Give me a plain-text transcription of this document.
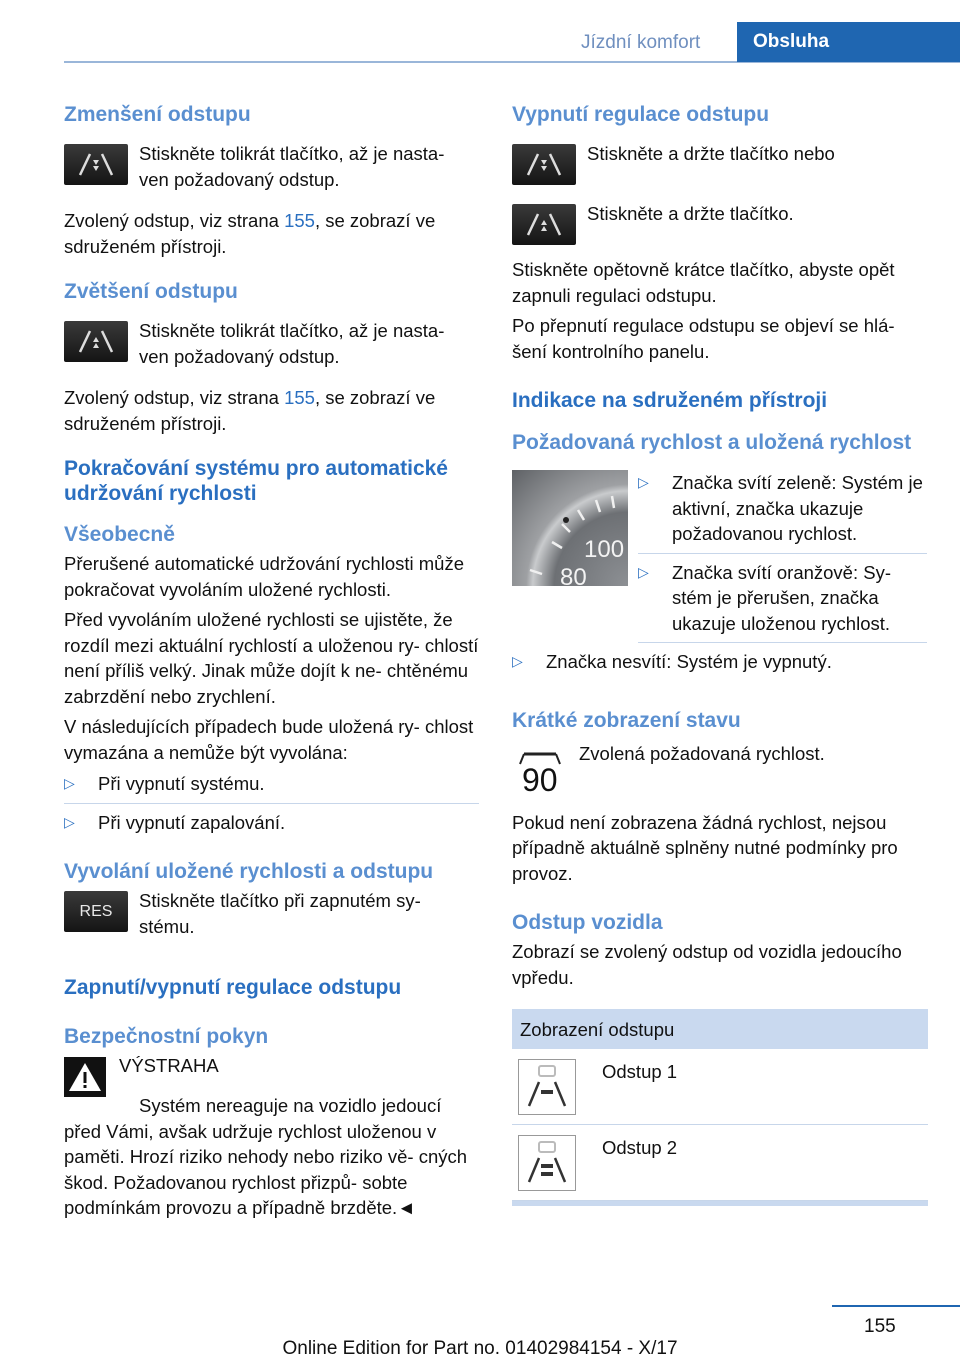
Jízdní komfort	Obsluha
Zmenšení odstupu
Stiskněte tolikrát tlačítko, až je nasta- ven požadovaný odstup.

Zvolený odstup, viz strana 155, se zobrazí ve sdruženém přístroji.

Zvětšení odstupu
Stiskněte tolikrát tlačítko, až je nasta- ven požadovaný odstup.

Zvolený odstup, viz strana 155, se zobrazí ve sdruženém přístroji.

Pokračování systému pro automatické udržování rychlosti
Všeobecně

Přerušené automatické udržování rychlosti může pokračovat vyvoláním uložené rychlosti.

Před vyvoláním uložené rychlosti se ujistěte, že rozdíl mezi aktuální rychlostí a uloženou ry- chlostí není příliš velký. Jinak může dojít k ne- chtěnému zabrzdění nebo zrychlení.

V následujících případech bude uložená ry- chlost vymazána a nemůže být vyvolána:

▷	Při vypnutí systému.
▷	Při vypnutí zapalování.
Vyvolání uložené rychlosti a odstupu
RES	Stiskněte tlačítko při zapnutém sy- stému.
Zapnutí/vypnutí regulace odstupu
Bezpečnostní pokyn
VÝSTRAHA

Systém nereaguje na vozidlo jedoucí před Vámi, avšak udržuje rychlost uloženou v paměti. Hrozí riziko nehody nebo riziko vě- cných škod. Požadovanou rychlost přizpů- sobte podmínkám provozu a případně brzděte.◄

Vypnutí regulace odstupu
Stiskněte a držte tlačítko nebo
Stiskněte a držte tlačítko.

Stiskněte opětovně krátce tlačítko, abyste opět zapnuli regulaci odstupu.

Po přepnutí regulace odstupu se objeví se hlá- šení kontrolního panelu.

Indikace na sdruženém přístroji
Požadovaná rychlost a uložená rychlost
100
80
▷	Značka svítí zeleně: Systém je aktivní, značka ukazuje požadovanou rychlost.
▷	Značka svítí oranžově: Sy- stém je přerušen, značka ukazuje uloženou rychlost.
▷	Značka nesvítí: Systém je vypnutý.
Krátké zobrazení stavu
90
Zvolená požadovaná rychlost.

Pokud není zobrazena žádná rychlost, nejsou případně aktuálně splněny nutné podmínky pro provoz.

Odstup vozidla

Zobrazí se zvolený odstup od vozidla jedoucího vpředu.

Zobrazení odstupu
Odstup 1
Odstup 2
155
Online Edition for Part no. 01402984154 - X/17
